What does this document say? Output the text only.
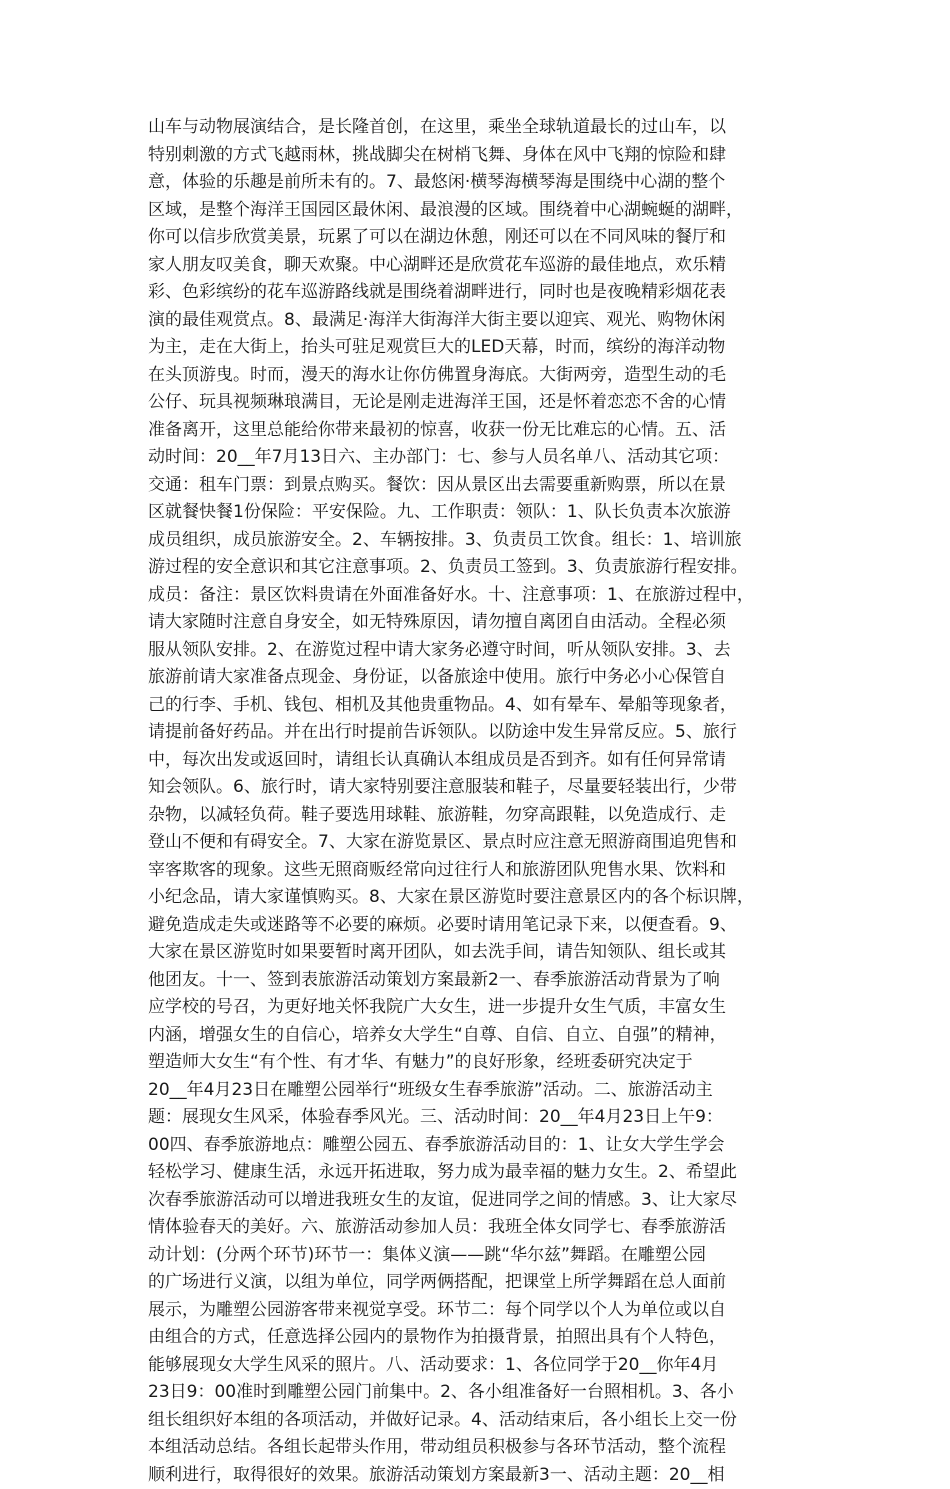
山车与动物展演结合，是长隆首创，在这里，乘坐全球轨道最长的过山车，以
特别刺激的方式飞越雨林，挑战脚尖在树梢飞舞、身体在风中飞翔的惊险和肆
意，体验的乐趣是前所未有的。7、最悠闲·横琴海横琴海是围绕中心湖的整个
区域，是整个海洋王国园区最休闲、最浪漫的区域。围绕着中心湖蜿蜒的湖畔，
你可以信步欣赏美景，玩累了可以在湖边休憩，刚还可以在不同风味的餐厅和
家人朋友叹美食，聊天欢聚。中心湖畔还是欣赏花车巡游的最佳地点，欢乐精
彩、色彩缤纷的花车巡游路线就是围绕着湖畔进行，同时也是夜晚精彩烟花表
演的最佳观赏点。8、最满足·海洋大街海洋大街主要以迎宾、观光、购物休闲
为主，走在大街上，抬头可驻足观赏巨大的LED天幕，时而，缤纷的海洋动物
在头顶游曳。时而，漫天的海水让你仿佛置身海底。大街两旁，造型生动的毛
公仔、玩具视频琳琅满目，无论是刚走进海洋王国，还是怀着恋恋不舍的心情
准备离开，这里总能给你带来最初的惊喜，收获一份无比难忘的心情。五、活
动时间：20__年7月13日六、主办部门：七、参与人员名单八、活动其它项：
交通：租车门票：到景点购买。餐饮：因从景区出去需要重新购票，所以在景
区就餐快餐1份保险：平安保险。九、工作职责：领队：1、队长负责本次旅游
成员组织，成员旅游安全。2、车辆按排。3、负责员工饮食。组长：1、培训旅
游过程的安全意识和其它注意事项。2、负责员工签到。3、负责旅游行程安排。
成员：备注：景区饮料贵请在外面准备好水。十、注意事项：1、在旅游过程中，
请大家随时注意自身安全，如无特殊原因，请勿擅自离团自由活动。全程必须
服从领队安排。2、在游览过程中请大家务必遵守时间，听从领队安排。3、去
旅游前请大家准备点现金、身份证，以备旅途中使用。旅行中务必小心保管自
己的行李、手机、钱包、相机及其他贵重物品。4、如有晕车、晕船等现象者，
请提前备好药品。并在出行时提前告诉领队。以防途中发生异常反应。5、旅行
中，每次出发或返回时，请组长认真确认本组成员是否到齐。如有任何异常请
知会领队。6、旅行时，请大家特别要注意服装和鞋子，尽量要轻装出行，少带
杂物，以减轻负荷。鞋子要选用球鞋、旅游鞋，勿穿高跟鞋，以免造成行、走
登山不便和有碍安全。7、大家在游览景区、景点时应注意无照游商围追兜售和
宰客欺客的现象。这些无照商贩经常向过往行人和旅游团队兜售水果、饮料和
小纪念品，请大家谨慎购买。8、大家在景区游览时要注意景区内的各个标识牌，
避免造成走失或迷路等不必要的麻烦。必要时请用笔记录下来，以便查看。9、
大家在景区游览时如果要暂时离开团队，如去洗手间，请告知领队、组长或其
他团友。十一、签到表旅游活动策划方案最新2一、春季旅游活动背景为了响
应学校的号召，为更好地关怀我院广大女生，进一步提升女生气质，丰富女生
内涵，增强女生的自信心，培养女大学生“自尊、自信、自立、自强”的精神，
塑造师大女生“有个性、有才华、有魅力”的良好形象，经班委研究决定于
20__年4月23日在雕塑公园举行“班级女生春季旅游”活动。二、旅游活动主
题：展现女生风采，体验春季风光。三、活动时间：20__年4月23日上午9：
00四、春季旅游地点：雕塑公园五、春季旅游活动目的：1、让女大学生学会
轻松学习、健康生活，永远开拓进取，努力成为最幸福的魅力女生。2、希望此
次春季旅游活动可以增进我班女生的友谊，促进同学之间的情感。3、让大家尽
情体验春天的美好。六、旅游活动参加人员：我班全体女同学七、春季旅游活
动计划：(分两个环节)环节一：集体义演——跳“华尔兹”舞蹈。在雕塑公园
的广场进行义演，以组为单位，同学两俩搭配，把课堂上所学舞蹈在总人面前
展示，为雕塑公园游客带来视觉享受。环节二：每个同学以个人为单位或以自
由组合的方式，任意选择公园内的景物作为拍摄背景，拍照出具有个人特色，
能够展现女大学生风采的照片。八、活动要求：1、各位同学于20__你年4月
23日9：00准时到雕塑公园门前集中。2、各小组准备好一台照相机。3、各小
组长组织好本组的各项活动，并做好记录。4、活动结束后，各小组长上交一份
本组活动总结。各组长起带头作用，带动组员积极参与各环节活动，整个流程
顺利进行，取得很好的效果。旅游活动策划方案最新3一、活动主题：20__相
